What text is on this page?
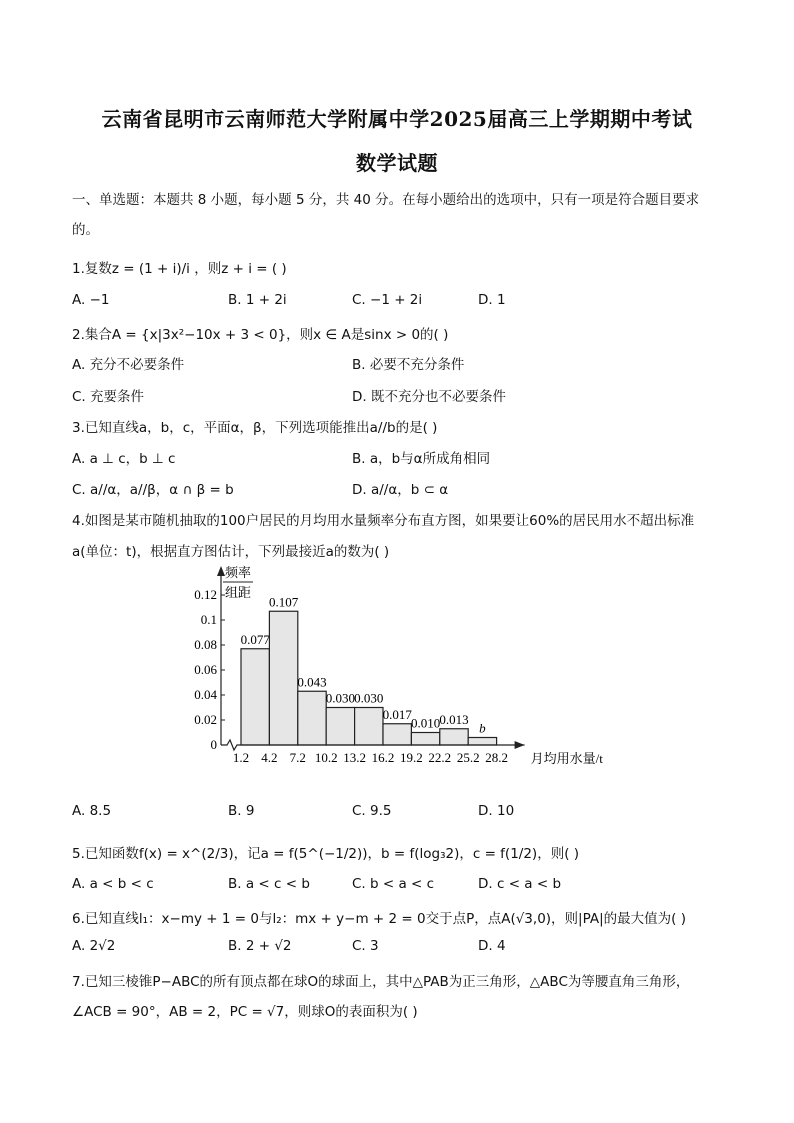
云南省昆明市云南师范大学附属中学2025届高三上学期期中考试
数学试题
一、单选题：本题共 8 小题，每小题 5 分，共 40 分。在每小题给出的选项中，只有一项是符合题目要求
的。
1.复数z = (1 + i)/i ，则z + i = ( )
A. −1	B. 1 + 2i	C. −1 + 2i	D. 1
2.集合A = {x|3x²−10x + 3 < 0}，则x ∈ A是sinx > 0的( )
A. 充分不必要条件	B. 必要不充分条件
C. 充要条件	D. 既不充分也不必要条件
3.已知直线a，b，c，平面α，β，下列选项能推出a//b的是( )
A. a ⊥ c，b ⊥ c	B. a，b与α所成角相同
C. a//α，a//β，α ∩ β = b	D. a//α，b ⊂ α
4.如图是某市随机抽取的100户居民的月均用水量频率分布直方图，如果要让60%的居民用水不超出标准
a(单位：t)，根据直方图估计，下列最接近a的数为( )
0.077
0.107
0.043
0.030 0.030
0.017
0.010 0.013
b
0
0.02
0.04
0.06
0.08
0.1
0.12
频率
组距
1.2 4.2 7.2 10.2 13.2 16.2 19.2 22.2 25.2 28.2 月均用水量/t
A. 8.5	B. 9	C. 9.5	D. 10
5.已知函数f(x) = x^(2/3)，记a = f(5^(−1/2))，b = f(log₃2)，c = f(1/2)，则( )
A. a < b < c	B. a < c < b	C. b < a < c	D. c < a < b
6.已知直线l₁：x−my + 1 = 0与l₂：mx + y−m + 2 = 0交于点P，点A(√3,0)，则|PA|的最大值为( )
A. 2√2	B. 2 + √2	C. 3	D. 4
7.已知三棱锥P−ABC的所有顶点都在球O的球面上，其中△PAB为正三角形，△ABC为等腰直角三角形，
∠ACB = 90°，AB = 2，PC = √7，则球O的表面积为( )
